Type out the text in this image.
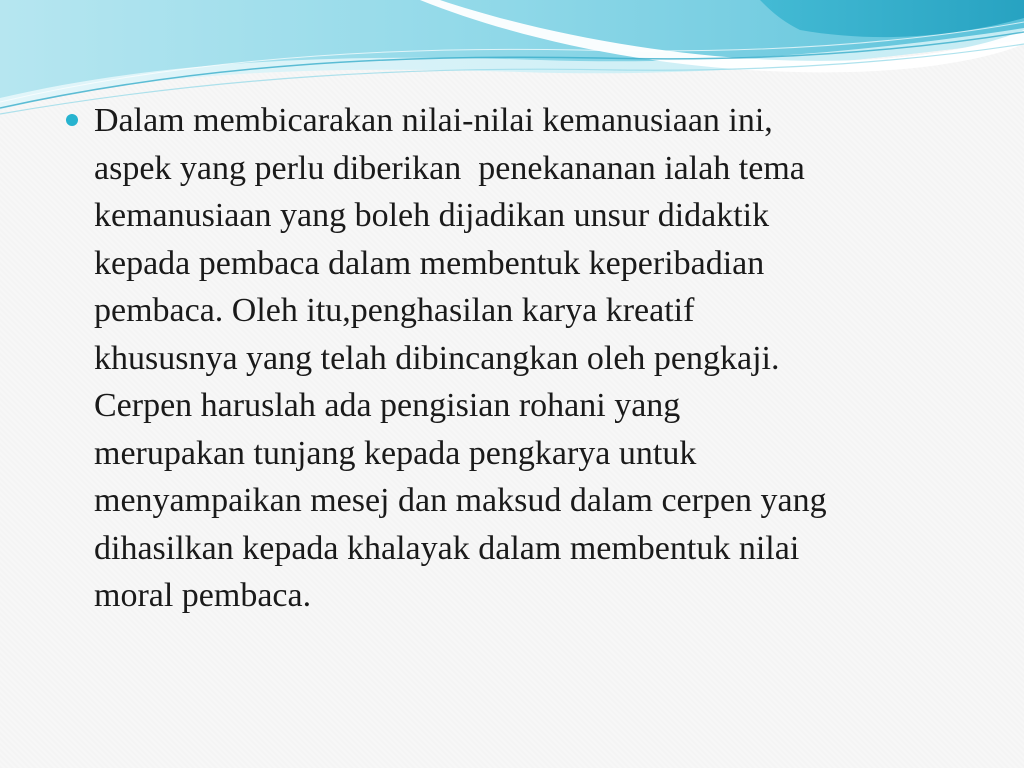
Dalam membicarakan nilai-nilai kemanusiaan ini,
aspek yang perlu diberikan  penekananan ialah tema
kemanusiaan yang boleh dijadikan unsur didaktik
kepada pembaca dalam membentuk keperibadian
pembaca. Oleh itu,penghasilan karya kreatif
khususnya yang telah dibincangkan oleh pengkaji.
Cerpen haruslah ada pengisian rohani yang
merupakan tunjang kepada pengkarya untuk
menyampaikan mesej dan maksud dalam cerpen yang
dihasilkan kepada khalayak dalam membentuk nilai
moral pembaca.
